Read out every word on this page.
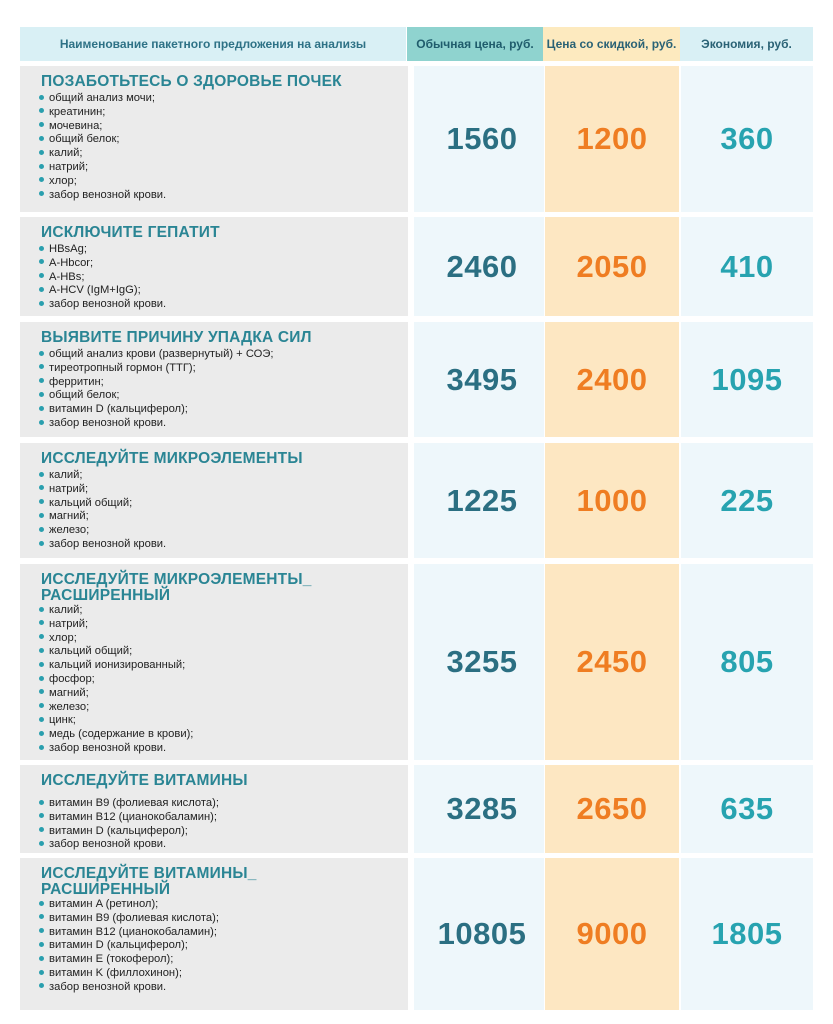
Наименование пакетного предложения на анализы	Обычная цена, руб.	Цена со скидкой, руб.	Экономия, руб.
ПОЗАБОТЬТЕСЬ О ЗДОРОВЬЕ ПОЧЕК
общий анализ мочи;
креатинин;
мочевина;
общий белок;
калий;
натрий;
хлор;
забор венозной крови.
1560	1200	360
ИСКЛЮЧИТЕ ГЕПАТИТ
HBsAg;
A-Hbcor;
A-HBs;
A-HCV (IgM+IgG);
забор венозной крови.
2460	2050	410
ВЫЯВИТЕ ПРИЧИНУ УПАДКА СИЛ
общий анализ крови (развернутый) + СОЭ;
тиреотропный гормон (ТТГ);
ферритин;
общий белок;
витамин D (кальциферол);
забор венозной крови.
3495	2400	1095
ИССЛЕДУЙТЕ МИКРОЭЛЕМЕНТЫ
калий;
натрий;
кальций общий;
магний;
железо;
забор венозной крови.
1225	1000	225
ИССЛЕДУЙТЕ МИКРОЭЛЕМЕНТЫ_ РАСШИРЕННЫЙ
калий;
натрий;
хлор;
кальций общий;
кальций ионизированный;
фосфор;
магний;
железо;
цинк;
медь (содержание в крови);
забор венозной крови.
3255	2450	805
ИССЛЕДУЙТЕ ВИТАМИНЫ
витамин B9 (фолиевая кислота);
витамин B12 (цианокобаламин);
витамин D (кальциферол);
забор венозной крови.
3285	2650	635
ИССЛЕДУЙТЕ ВИТАМИНЫ_ РАСШИРЕННЫЙ
витамин A (ретинол);
витамин B9 (фолиевая кислота);
витамин B12 (цианокобаламин);
витамин D (кальциферол);
витамин E (токоферол);
витамин K (филлохинон);
забор венозной крови.
10805	9000	1805
